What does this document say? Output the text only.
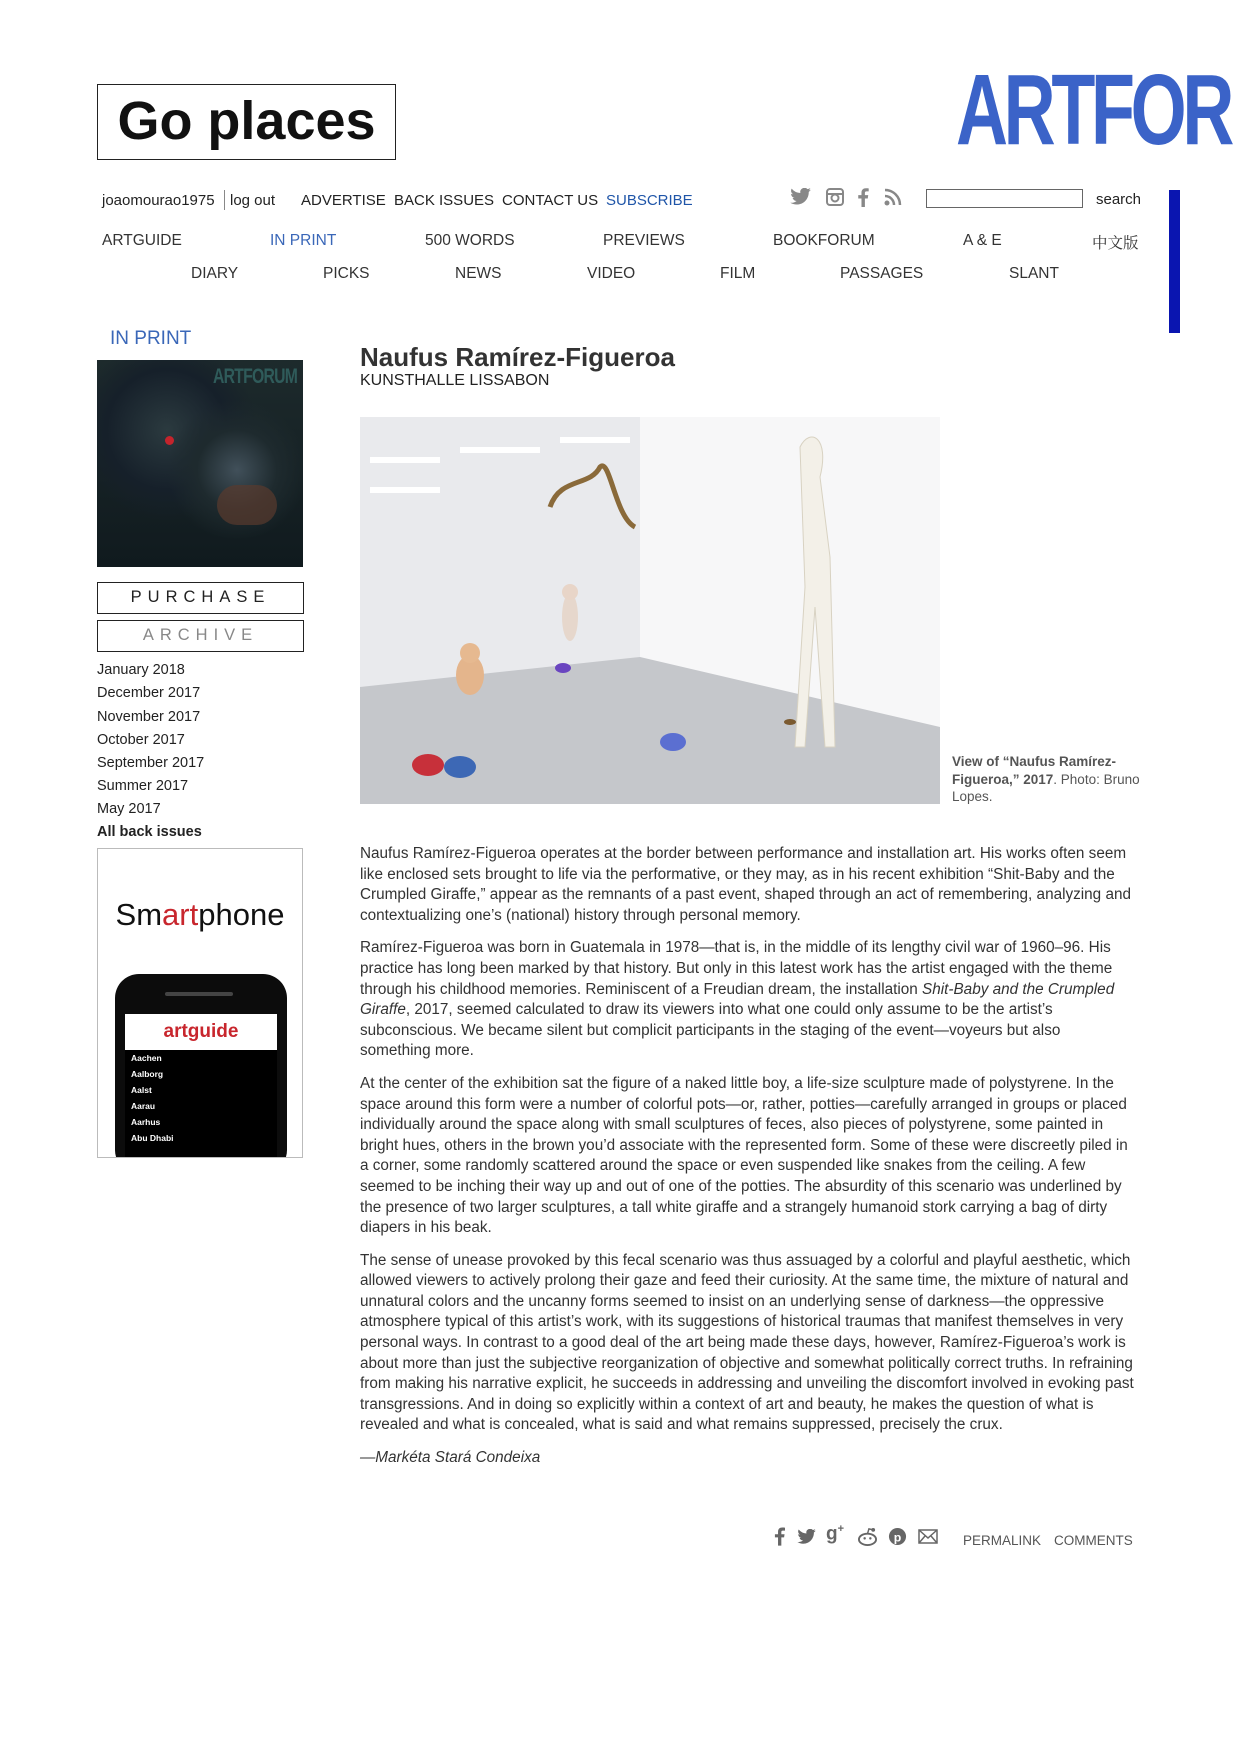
Go places	ARTFOR
joaomourao1975 log out ADVERTISE BACK ISSUES CONTACT US SUBSCRIBE	search
ARTGUIDE	IN PRINT	500 WORDS	PREVIEWS	BOOKFORUM	A & E	中文版
DIARY	PICKS	NEWS	VIDEO	FILM	PASSAGES	SLANT
IN PRINT
ARTFORUM
PURCHASE
ARCHIVE
January 2018
December 2017
November 2017
October 2017
September 2017
Summer 2017
May 2017
All back issues
Smartphone
artguide
Aachen
Aalborg
Aalst
Aarau
Aarhus
Abu Dhabi
Naufus Ramírez-Figueroa
KUNSTHALLE LISSABON
View of “Naufus Ramírez-Figueroa,” 2017. Photo: Bruno Lopes.

Naufus Ramírez-Figueroa operates at the border between performance and installation art. His works often seem like enclosed sets brought to life via the performative, or they may, as in his recent exhibition “Shit-Baby and the Crumpled Giraffe,” appear as the remnants of a past event, shaped through an act of remembering, analyzing and contextualizing one’s (national) history through personal memory.

Ramírez-Figueroa was born in Guatemala in 1978—that is, in the middle of its lengthy civil war of 1960–96. His practice has long been marked by that history. But only in this latest work has the artist engaged with the theme through his childhood memories. Reminiscent of a Freudian dream, the installation Shit-Baby and the Crumpled Giraffe, 2017, seemed calculated to draw its viewers into what one could only assume to be the artist’s subconscious. We became silent but complicit participants in the staging of the event—voyeurs but also something more.

At the center of the exhibition sat the figure of a naked little boy, a life-size sculpture made of polystyrene. In the space around this form were a number of colorful pots—or, rather, potties—carefully arranged in groups or placed individually around the space along with small sculptures of feces, also pieces of polystyrene, some painted in bright hues, others in the brown you’d associate with the represented form. Some of these were discreetly piled in a corner, some randomly scattered around the space or even suspended like snakes from the ceiling. A few seemed to be inching their way up and out of one of the potties. The absurdity of this scenario was underlined by the presence of two larger sculptures, a tall white giraffe and a strangely humanoid stork carrying a bag of dirty diapers in his beak.

The sense of unease provoked by this fecal scenario was thus assuaged by a colorful and playful aesthetic, which allowed viewers to actively prolong their gaze and feed their curiosity. At the same time, the mixture of natural and unnatural colors and the uncanny forms seemed to insist on an underlying sense of darkness—the oppressive atmosphere typical of this artist’s work, with its suggestions of historical traumas that manifest themselves in very personal ways. In contrast to a good deal of the art being made these days, however, Ramírez-Figueroa’s work is about more than just the subjective reorganization of objective and somewhat politically correct truths. In refraining from making his narrative explicit, he succeeds in addressing and unveiling the discomfort involved in evoking past transgressions. And in doing so explicitly within a context of art and beauty, he makes the question of what is revealed and what is concealed, what is said and what remains suppressed, precisely the crux.

—Markéta Stará Condeixa

g+
p	PERMALINK COMMENTS
